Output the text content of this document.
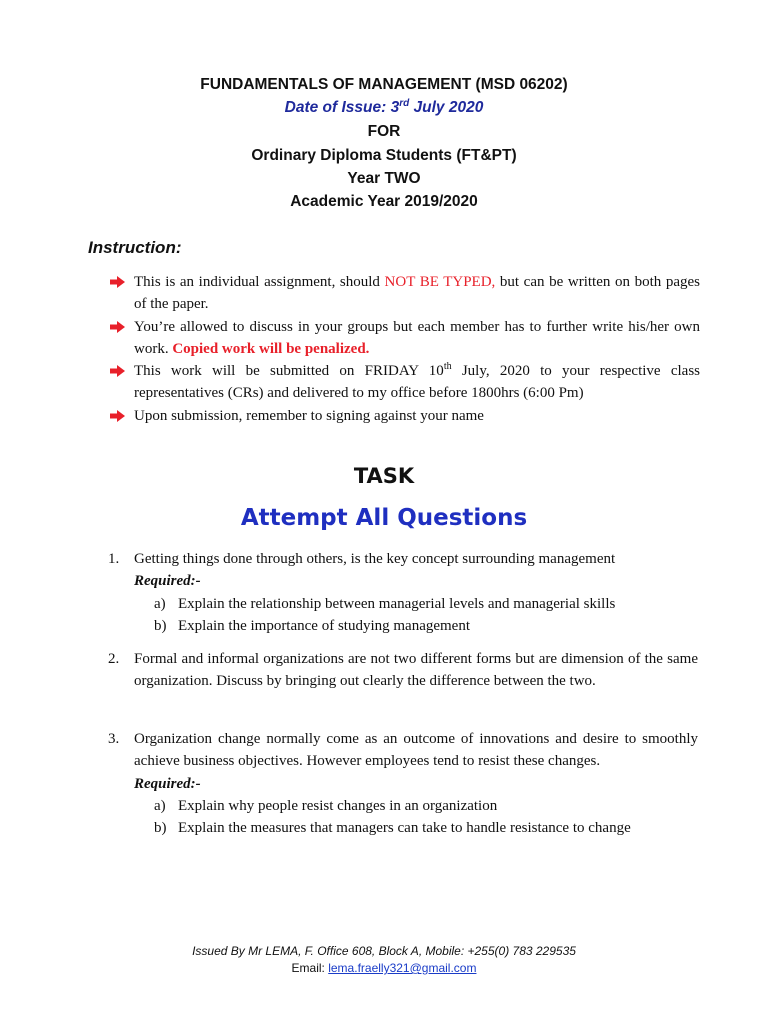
FUNDAMENTALS OF MANAGEMENT (MSD 06202)
Date of Issue: 3rd July 2020
FOR
Ordinary Diploma Students (FT&PT)
Year TWO
Academic Year 2019/2020
Instruction:
This is an individual assignment, should NOT BE TYPED, but can be written on both pages of the paper.
You’re allowed to discuss in your groups but each member has to further write his/her own work. Copied work will be penalized.
This work will be submitted on FRIDAY 10th July, 2020 to your respective class representatives (CRs) and delivered to my office before 1800hrs (6:00 Pm)
Upon submission, remember to signing against your name
TASK
Attempt All Questions
1. Getting things done through others, is the key concept surrounding management
Required:-
a) Explain the relationship between managerial levels and managerial skills
b) Explain the importance of studying management
2. Formal and informal organizations are not two different forms but are dimension of the same organization. Discuss by bringing out clearly the difference between the two.
3. Organization change normally come as an outcome of innovations and desire to smoothly achieve business objectives. However employees tend to resist these changes.
Required:-
a) Explain why people resist changes in an organization
b) Explain the measures that managers can take to handle resistance to change
Issued By Mr LEMA, F. Office 608, Block A, Mobile: +255(0) 783 229535
Email: lema.fraelly321@gmail.com
